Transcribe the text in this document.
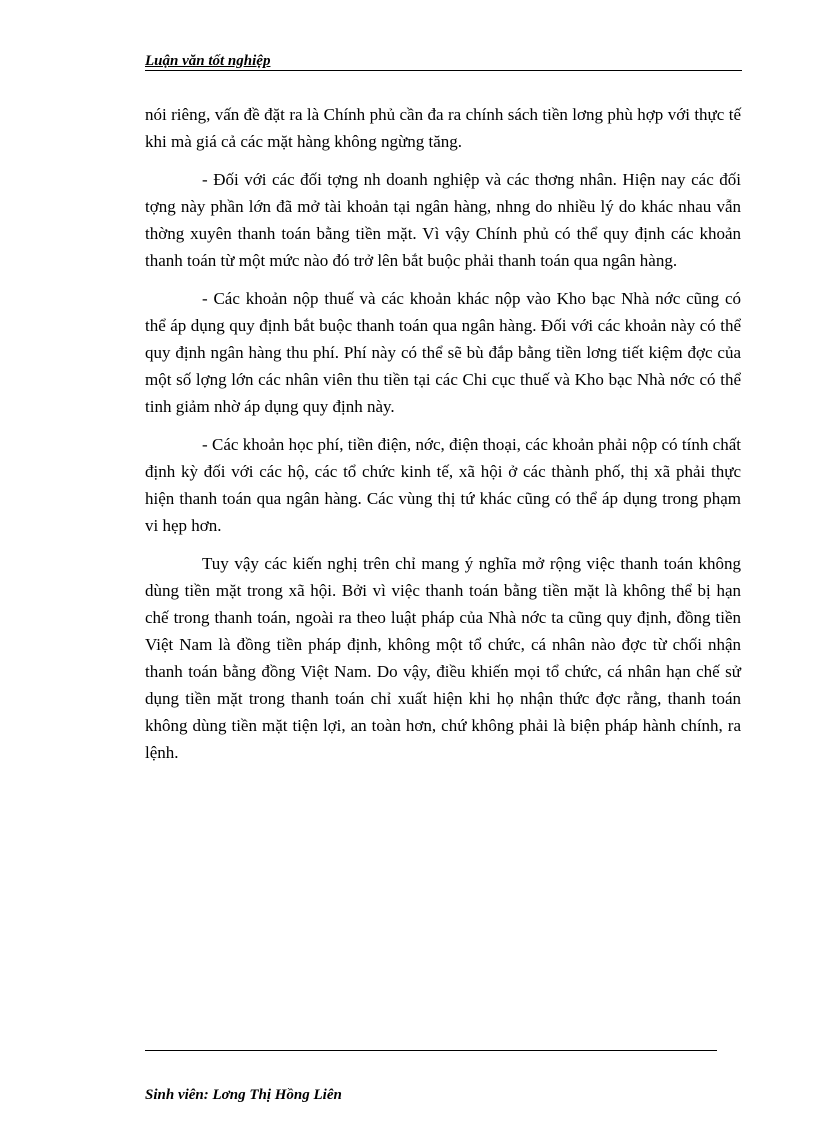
Luận văn tốt nghiệp

nói riêng, vấn đề đặt ra là Chính phủ cần đa ra chính sách tiền lơng phù hợp với thực tế khi mà giá cả các mặt hàng không ngừng tăng.

- Đối với các đối tợng nh doanh nghiệp và các thơng nhân. Hiện nay các đối tợng này phần lớn đã mở tài khoản tại ngân hàng, nhng do nhiều lý do khác nhau vẫn thờng xuyên thanh toán bằng tiền mặt. Vì vậy Chính phủ có thể quy định các khoản thanh toán từ một mức nào đó trở lên bắt buộc phải thanh toán qua ngân hàng.

- Các khoản nộp thuế và các khoản khác nộp vào Kho bạc Nhà nớc cũng có thể áp dụng quy định bắt buộc thanh toán qua ngân hàng. Đối với các khoản này có thể quy định ngân hàng thu phí. Phí này có thể sẽ bù đắp bằng tiền lơng tiết kiệm đợc của một số lợng lớn các nhân viên thu tiền tại các Chi cục thuế và Kho bạc Nhà nớc có thể tinh giảm nhờ áp dụng quy định này.

- Các khoản học phí, tiền điện, nớc, điện thoại, các khoản phải nộp có tính chất định kỳ đối với các hộ, các tổ chức kinh tế, xã hội ở các thành phố, thị xã phải thực hiện thanh toán qua ngân hàng. Các vùng thị tứ khác cũng có thể áp dụng trong phạm vi hẹp hơn.

Tuy vậy các kiến nghị trên chỉ mang ý nghĩa mở rộng việc thanh toán không dùng tiền mặt trong xã hội. Bởi vì việc thanh toán bằng tiền mặt là không thể bị hạn chế trong thanh toán, ngoài ra theo luật pháp của Nhà nớc ta cũng quy định, đồng tiền Việt Nam là đồng tiền pháp định, không một tổ chức, cá nhân nào đợc từ chối nhận thanh toán bằng đồng Việt Nam. Do vậy, điều khiến mọi tổ chức, cá nhân hạn chế sử dụng tiền mặt trong thanh toán chỉ xuất hiện khi họ nhận thức đợc rằng, thanh toán không dùng tiền mặt tiện lợi, an toàn hơn, chứ không phải là biện pháp hành chính, ra lệnh.

Sinh viên: Lơng Thị Hồng Liên
